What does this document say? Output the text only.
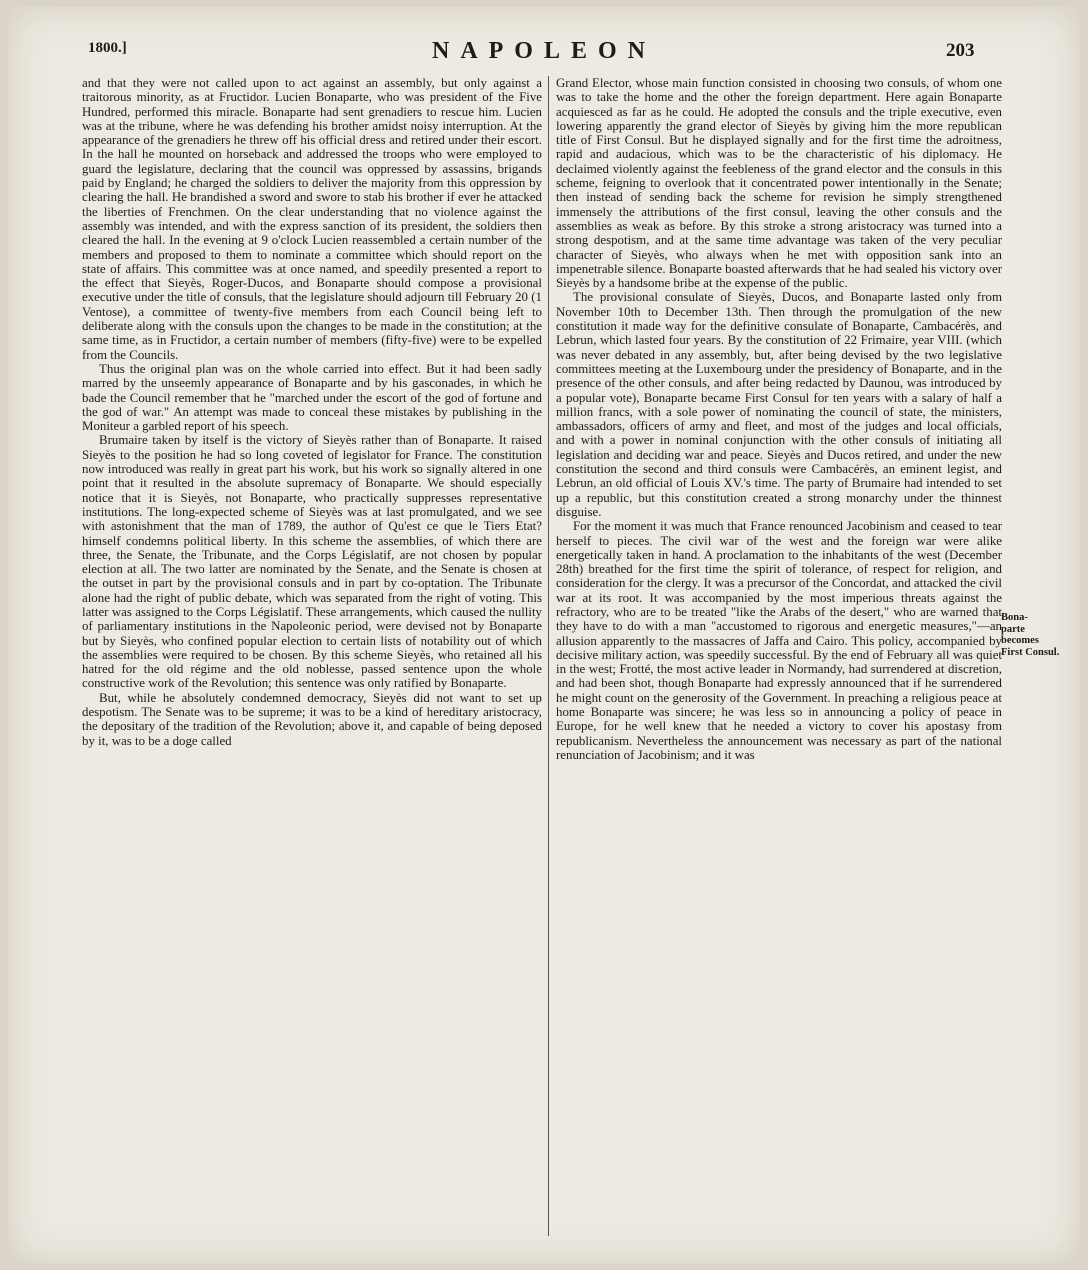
1800.]	NAPOLEON	203

and that they were not called upon to act against an assembly, but only against a traitorous minority, as at Fructidor. Lucien Bonaparte, who was president of the Five Hundred, performed this miracle. Bonaparte had sent grenadiers to rescue him. Lucien was at the tribune, where he was defending his brother amidst noisy interruption. At the appearance of the grenadiers he threw off his official dress and retired under their escort. In the hall he mounted on horseback and addressed the troops who were employed to guard the legislature, declaring that the council was oppressed by assassins, brigands paid by England; he charged the soldiers to deliver the majority from this oppression by clearing the hall. He brandished a sword and swore to stab his brother if ever he attacked the liberties of Frenchmen. On the clear understanding that no violence against the assembly was intended, and with the express sanction of its president, the soldiers then cleared the hall. In the evening at 9 o'clock Lucien reassembled a certain number of the members and proposed to them to nominate a committee which should report on the state of affairs. This committee was at once named, and speedily presented a report to the effect that Sieyès, Roger-Ducos, and Bonaparte should compose a provisional executive under the title of consuls, that the legislature should adjourn till February 20 (1 Ventose), a committee of twenty-five members from each Council being left to deliberate along with the consuls upon the changes to be made in the constitution; at the same time, as in Fructidor, a certain number of members (fifty-five) were to be expelled from the Councils.

Thus the original plan was on the whole carried into effect. But it had been sadly marred by the unseemly appearance of Bonaparte and by his gasconades, in which he bade the Council remember that he "marched under the escort of the god of fortune and the god of war." An attempt was made to conceal these mistakes by publishing in the Moniteur a garbled report of his speech.

Brumaire taken by itself is the victory of Sieyès rather than of Bonaparte. It raised Sieyès to the position he had so long coveted of legislator for France. The constitution now introduced was really in great part his work, but his work so signally altered in one point that it resulted in the absolute supremacy of Bonaparte. We should especially notice that it is Sieyès, not Bonaparte, who practically suppresses representative institutions. The long-expected scheme of Sieyès was at last promulgated, and we see with astonishment that the man of 1789, the author of Qu'est ce que le Tiers Etat? himself condemns political liberty. In this scheme the assemblies, of which there are three, the Senate, the Tribunate, and the Corps Législatif, are not chosen by popular election at all. The two latter are nominated by the Senate, and the Senate is chosen at the outset in part by the provisional consuls and in part by co-optation. The Tribunate alone had the right of public debate, which was separated from the right of voting. This latter was assigned to the Corps Législatif. These arrangements, which caused the nullity of parliamentary institutions in the Napoleonic period, were devised not by Bonaparte but by Sieyès, who confined popular election to certain lists of notability out of which the assemblies were required to be chosen. By this scheme Sieyès, who retained all his hatred for the old régime and the old noblesse, passed sentence upon the whole constructive work of the Revolution; this sentence was only ratified by Bonaparte.

But, while he absolutely condemned democracy, Sieyès did not want to set up despotism. The Senate was to be supreme; it was to be a kind of hereditary aristocracy, the depositary of the tradition of the Revolution; above it, and capable of being deposed by it, was to be a doge called

Grand Elector, whose main function consisted in choosing two consuls, of whom one was to take the home and the other the foreign department. Here again Bonaparte acquiesced as far as he could. He adopted the consuls and the triple executive, even lowering apparently the grand elector of Sieyès by giving him the more republican title of First Consul. But he displayed signally and for the first time the adroitness, rapid and audacious, which was to be the characteristic of his diplomacy. He declaimed violently against the feebleness of the grand elector and the consuls in this scheme, feigning to overlook that it concentrated power intentionally in the Senate; then instead of sending back the scheme for revision he simply strengthened immensely the attributions of the first consul, leaving the other consuls and the assemblies as weak as before. By this stroke a strong aristocracy was turned into a strong despotism, and at the same time advantage was taken of the very peculiar character of Sieyès, who always when he met with opposition sank into an impenetrable silence. Bonaparte boasted afterwards that he had sealed his victory over Sieyès by a handsome bribe at the expense of the public.

The provisional consulate of Sieyès, Ducos, and Bonaparte lasted only from November 10th to December 13th. Then through the promulgation of the new constitution it made way for the definitive consulate of Bonaparte, Cambacérès, and Lebrun, which lasted four years. By the constitution of 22 Frimaire, year VIII. (which was never debated in any assembly, but, after being devised by the two legislative committees meeting at the Luxembourg under the presidency of Bonaparte, and in the presence of the other consuls, and after being redacted by Daunou, was introduced by a popular vote), Bonaparte became First Consul for ten years with a salary of half a million francs, with a sole power of nominating the council of state, the ministers, ambassadors, officers of army and fleet, and most of the judges and local officials, and with a power in nominal conjunction with the other consuls of initiating all legislation and deciding war and peace. Sieyès and Ducos retired, and under the new constitution the second and third consuls were Cambacérès, an eminent legist, and Lebrun, an old official of Louis XV.'s time. The party of Brumaire had intended to set up a republic, but this constitution created a strong monarchy under the thinnest disguise.

For the moment it was much that France renounced Jacobinism and ceased to tear herself to pieces. The civil war of the west and the foreign war were alike energetically taken in hand. A proclamation to the inhabitants of the west (December 28th) breathed for the first time the spirit of tolerance, of respect for religion, and consideration for the clergy. It was a precursor of the Concordat, and attacked the civil war at its root. It was accompanied by the most imperious threats against the refractory, who are to be treated "like the Arabs of the desert," who are warned that they have to do with a man "accustomed to rigorous and energetic measures,"—an allusion apparently to the massacres of Jaffa and Cairo. This policy, accompanied by decisive military action, was speedily successful. By the end of February all was quiet in the west; Frotté, the most active leader in Normandy, had surrendered at discretion, and had been shot, though Bonaparte had expressly announced that if he surrendered he might count on the generosity of the Government. In preaching a religious peace at home Bonaparte was sincere; he was less so in announcing a policy of peace in Europe, for he well knew that he needed a victory to cover his apostasy from republicanism. Nevertheless the announcement was necessary as part of the national renunciation of Jacobinism; and it was

Bona-
parte
becomes
First Consul.
